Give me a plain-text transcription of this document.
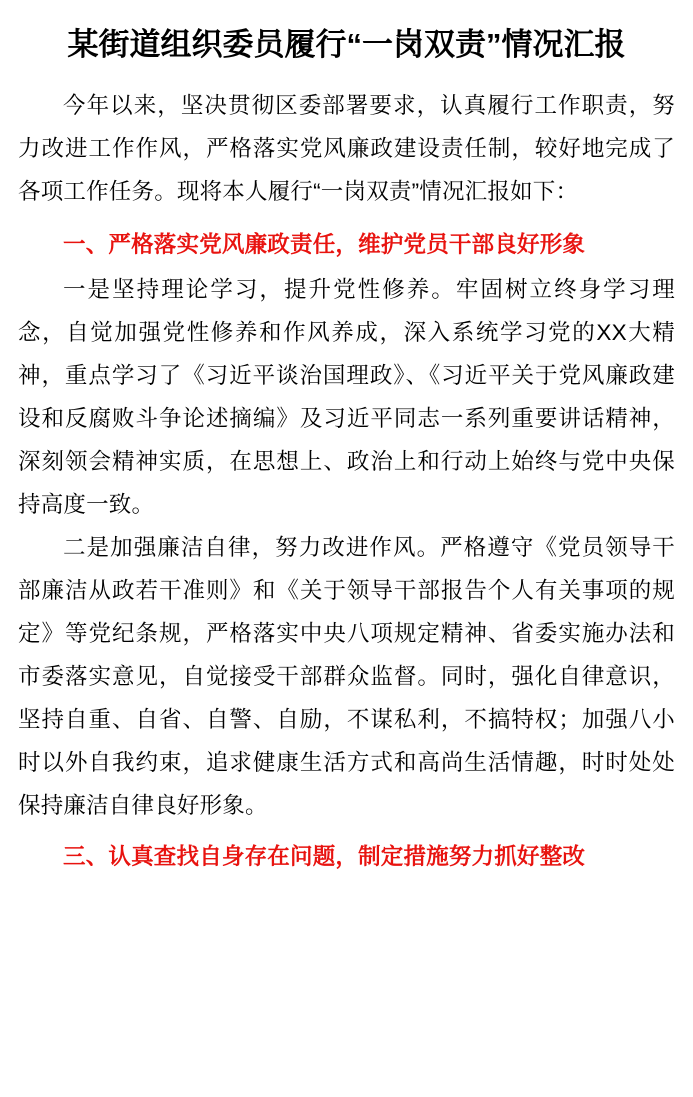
某街道组织委员履行“一岗双责”情况汇报

今年以来，坚决贯彻区委部署要求，认真履行工作职责，努力改进工作作风，严格落实党风廉政建设责任制，较好地完成了各项工作任务。现将本人履行“一岗双责”情况汇报如下：

一、严格落实党风廉政责任，维护党员干部良好形象

一是坚持理论学习，提升党性修养。牢固树立终身学习理念，自觉加强党性修养和作风养成，深入系统学习党的XX大精神，重点学习了《习近平谈治国理政》、《习近平关于党风廉政建设和反腐败斗争论述摘编》及习近平同志一系列重要讲话精神，深刻领会精神实质，在思想上、政治上和行动上始终与党中央保持高度一致。

二是加强廉洁自律，努力改进作风。严格遵守《党员领导干部廉洁从政若干准则》和《关于领导干部报告个人有关事项的规定》等党纪条规，严格落实中央八项规定精神、省委实施办法和市委落实意见，自觉接受干部群众监督。同时，强化自律意识，坚持自重、自省、自警、自励，不谋私利，不搞特权；加强八小时以外自我约束，追求健康生活方式和高尚生活情趣，时时处处保持廉洁自律良好形象。

三、认真查找自身存在问题，制定措施努力抓好整改
